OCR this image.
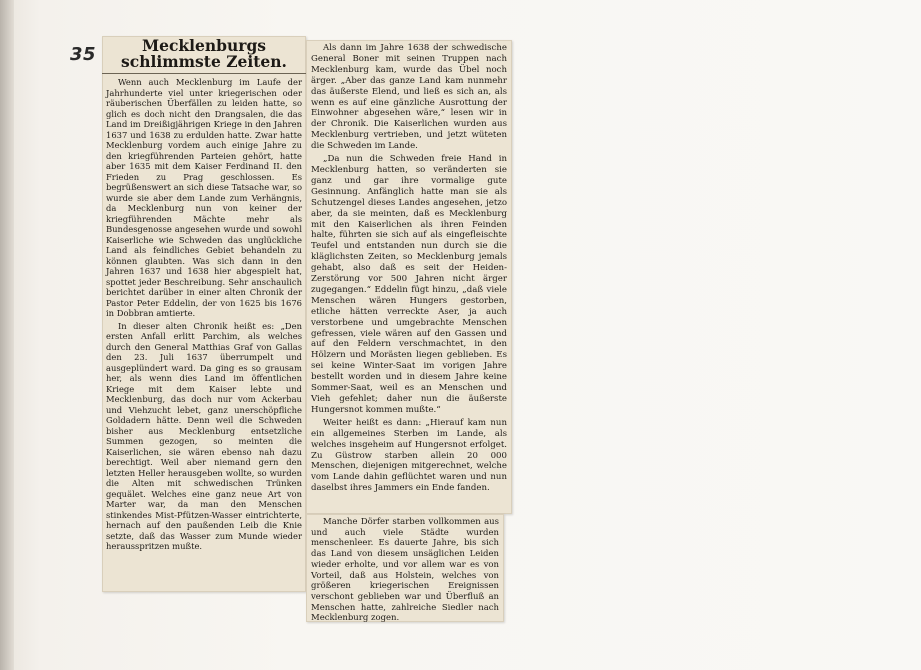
35	Mecklenburgs
schlimmste Zeiten.

Wenn auch Mecklenburg im Laufe der Jahrhunderte viel unter kriegerischen oder räuberischen Überfällen zu leiden hatte, so glich es doch nicht den Drangsalen, die das Land im Dreißigjährigen Kriege in den Jahren 1637 und 1638 zu erdulden hatte. Zwar hatte Mecklenburg vordem auch einige Jahre zu den kriegführenden Parteien gehört, hatte aber 1635 mit dem Kaiser Ferdinand II. den Frieden zu Prag geschlossen. Es begrüßenswert an sich diese Tatsache war, so wurde sie aber dem Lande zum Verhängnis, da Mecklenburg nun von keiner der kriegführenden Mächte mehr als Bundesgenosse angesehen wurde und sowohl Kaiserliche wie Schweden das unglückliche Land als feindliches Gebiet behandeln zu können glaubten. Was sich dann in den Jahren 1637 und 1638 hier abgespielt hat, spottet jeder Beschreibung. Sehr anschaulich berichtet darüber in einer alten Chronik der Pastor Peter Eddelin, der von 1625 bis 1676 in Dobbran amtierte.

In dieser alten Chronik heißt es: „Den ersten Anfall erlitt Parchim, als welches durch den General Matthias Graf von Gallas den 23. Juli 1637 überrumpelt und ausgeplündert ward. Da ging es so grausam her, als wenn dies Land im öffentlichen Kriege mit dem Kaiser lebte und Mecklenburg, das doch nur vom Ackerbau und Viehzucht lebet, ganz unerschöpfliche Goldadern hätte. Denn weil die Schweden bisher aus Mecklenburg entsetzliche Summen gezogen, so meinten die Kaiserlichen, sie wären ebenso nah dazu berechtigt. Weil aber niemand gern den letzten Heller herausgeben wollte, so wurden die Alten mit schwedischen Trünken gequälet. Welches eine ganz neue Art von Marter war, da man den Menschen stinkendes Mist-Pfützen-Wasser eintrichterte, hernach auf den paußenden Leib die Knie setzte, daß das Wasser zum Munde wieder herausspritzen mußte.

Als dann im Jahre 1638 der schwedische General Boner mit seinen Truppen nach Mecklenburg kam, wurde das Übel noch ärger. „Aber das ganze Land kam nunmehr das äußerste Elend, und ließ es sich an, als wenn es auf eine gänzliche Ausrottung der Einwohner abgesehen wäre,“ lesen wir in der Chronik. Die Kaiserlichen wurden aus Mecklenburg vertrieben, und jetzt wüteten die Schweden im Lande.

„Da nun die Schweden freie Hand in Mecklenburg hatten, so veränderten sie ganz und gar ihre vormalige gute Gesinnung. Anfänglich hatte man sie als Schutzengel dieses Landes angesehen, jetzo aber, da sie meinten, daß es Mecklenburg mit den Kaiserlichen als ihren Feinden halte, führten sie sich auf als eingefleischte Teufel und entstanden nun durch sie die kläglichsten Zeiten, so Mecklenburg jemals gehabt, also daß es seit der Heiden-Zerstörung vor 500 Jahren nicht ärger zugegangen.“ Eddelin fügt hinzu, „daß viele Menschen wären Hungers gestorben, etliche hätten verreckte Aser, ja auch verstorbene und umgebrachte Menschen gefressen, viele wären auf den Gassen und auf den Feldern verschmachtet, in den Hölzern und Morästen liegen geblieben. Es sei keine Winter-Saat im vorigen Jahre bestellt worden und in diesem Jahre keine Sommer-Saat, weil es an Menschen und Vieh gefehlet; daher nun die äußerste Hungersnot kommen mußte.“

Weiter heißt es dann: „Hierauf kam nun ein allgemeines Sterben im Lande, als welches insgeheim auf Hungersnot erfolget. Zu Güstrow starben allein 20 000 Menschen, diejenigen mitgerechnet, welche vom Lande dahin geflüchtet waren und nun daselbst ihres Jammers ein Ende fanden.

Manche Dörfer starben vollkommen aus und auch viele Städte wurden menschenleer. Es dauerte Jahre, bis sich das Land von diesem unsäglichen Leiden wieder erholte, und vor allem war es von Vorteil, daß aus Holstein, welches von größeren kriegerischen Ereignissen verschont geblieben war und Überfluß an Menschen hatte, zahlreiche Siedler nach Mecklenburg zogen.
